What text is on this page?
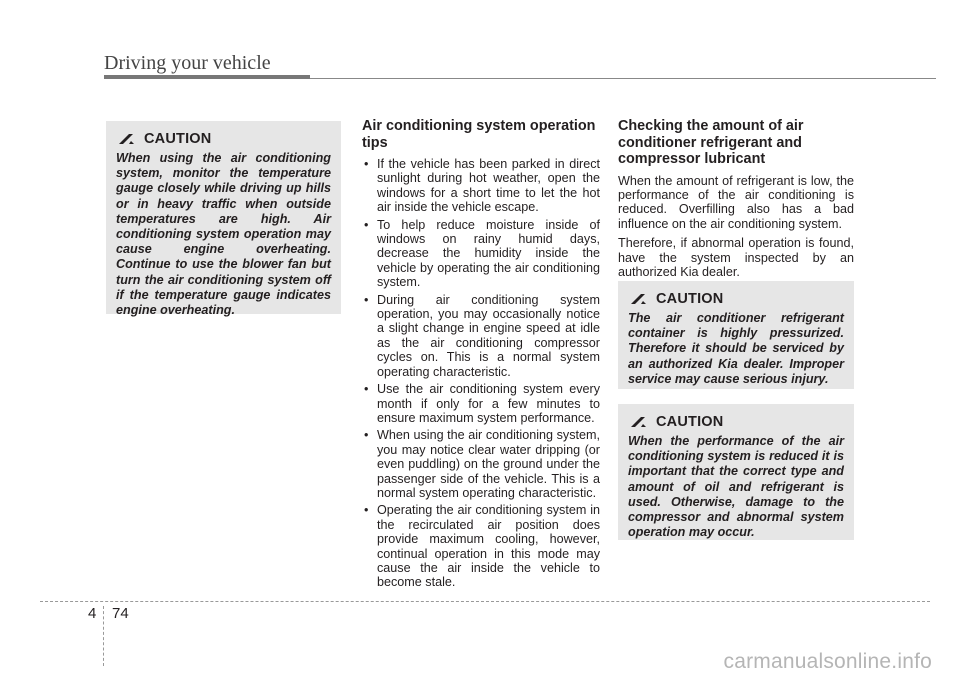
Driving your vehicle
CAUTION
When using the air conditioning system, monitor the temperature gauge closely while driving up hills or in heavy traffic when outside temperatures are high. Air conditioning system operation may cause engine overheating. Continue to use the blower fan but turn the air conditioning system off if the temperature gauge indicates engine overheating.
Air conditioning system operation tips
• If the vehicle has been parked in direct sunlight during hot weather, open the windows for a short time to let the hot air inside the vehicle escape.
• To help reduce moisture inside of windows on rainy humid days, decrease the humidity inside the vehicle by operating the air conditioning system.
• During air conditioning system operation, you may occasionally notice a slight change in engine speed at idle as the air conditioning compressor cycles on. This is a normal system operating characteristic.
• Use the air conditioning system every month if only for a few minutes to ensure maximum system performance.
• When using the air conditioning system, you may notice clear water dripping (or even puddling) on the ground under the passenger side of the vehicle. This is a normal system operating characteristic.
• Operating the air conditioning system in the recirculated air position does provide maximum cooling, however, continual operation in this mode may cause the air inside the vehicle to become stale.
Checking the amount of air conditioner refrigerant and compressor lubricant

When the amount of refrigerant is low, the performance of the air conditioning is reduced. Overfilling also has a bad influence on the air conditioning system.

Therefore, if abnormal operation is found, have the system inspected by an authorized Kia dealer.

CAUTION
The air conditioner refrigerant container is highly pressurized. Therefore it should be serviced by an authorized Kia dealer. Improper service may cause serious injury.
CAUTION
When the performance of the air conditioning system is reduced it is important that the correct type and amount of oil and refrigerant is used. Otherwise, damage to the compressor and abnormal system operation may occur.
4 74
carmanualsonline.info
